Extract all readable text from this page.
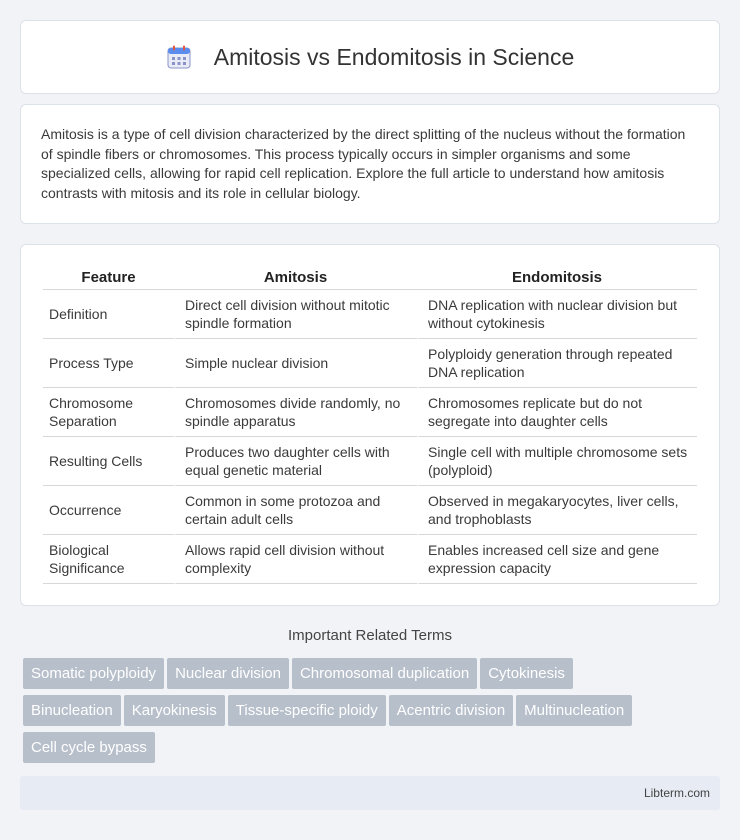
Amitosis vs Endomitosis in Science

Amitosis is a type of cell division characterized by the direct splitting of the nucleus without the formation of spindle fibers or chromosomes. This process typically occurs in simpler organisms and some specialized cells, allowing for rapid cell replication. Explore the full article to understand how amitosis contrasts with mitosis and its role in cellular biology.

Feature	Amitosis	Endomitosis
Definition	Direct cell division without mitotic spindle formation	DNA replication with nuclear division but without cytokinesis
Process Type	Simple nuclear division	Polyploidy generation through repeated DNA replication
Chromosome Separation	Chromosomes divide randomly, no spindle apparatus	Chromosomes replicate but do not segregate into daughter cells
Resulting Cells	Produces two daughter cells with equal genetic material	Single cell with multiple chromosome sets (polyploid)
Occurrence	Common in some protozoa and certain adult cells	Observed in megakaryocytes, liver cells, and trophoblasts
Biological Significance	Allows rapid cell division without complexity	Enables increased cell size and gene expression capacity
Important Related Terms
Somatic polyploidy Nuclear division Chromosomal duplication Cytokinesis
Binucleation Karyokinesis Tissue-specific ploidy Acentric division Multinucleation
Cell cycle bypass
Libterm.com
